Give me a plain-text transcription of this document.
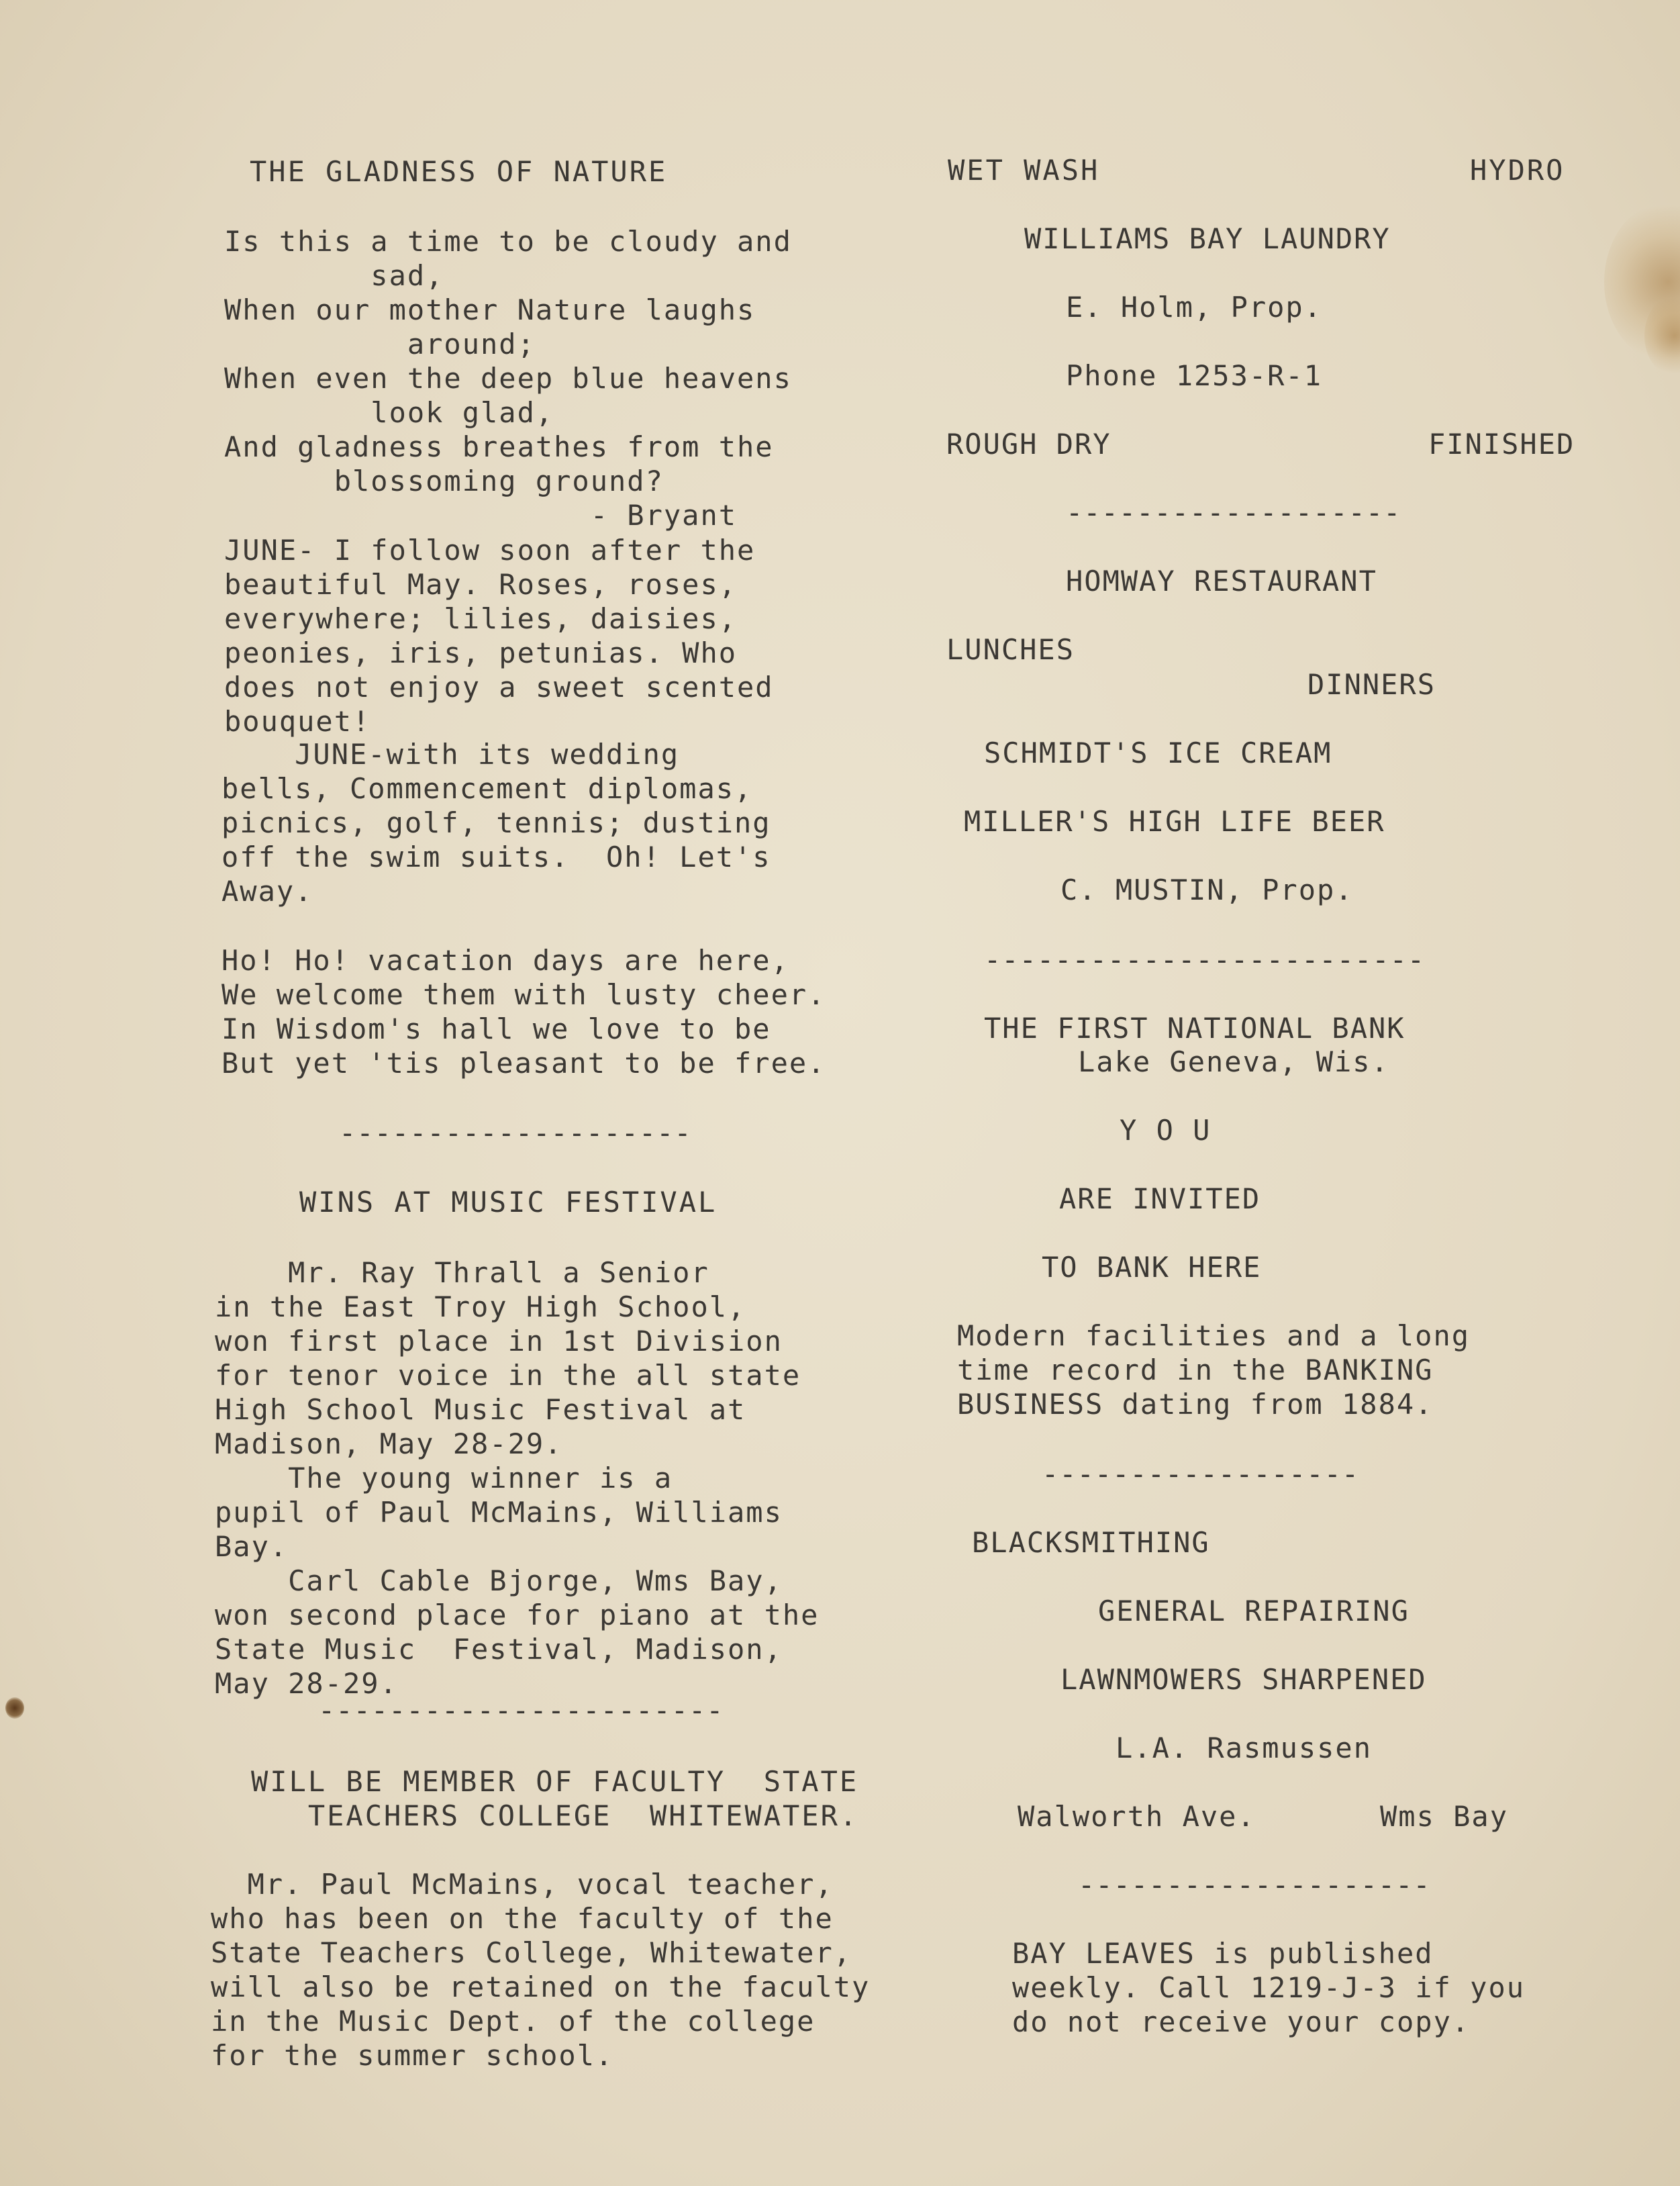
THE GLADNESS OF NATURE
Is this a time to be cloudy and
sad,
When our mother Nature laughs
around;
When even the deep blue heavens
look glad,
And gladness breathes from the
blossoming ground?
- Bryant
JUNE- I follow soon after the
beautiful May. Roses, roses,
everywhere; lilies, daisies,
peonies, iris, petunias. Who
does not enjoy a sweet scented
bouquet!
JUNE-with its wedding
bells, Commencement diplomas,
picnics, golf, tennis; dusting
off the swim suits.  Oh! Let's
Away.
Ho! Ho! vacation days are here,
We welcome them with lusty cheer.
In Wisdom's hall we love to be
But yet 'tis pleasant to be free.
--------------------
WINS AT MUSIC FESTIVAL
Mr. Ray Thrall a Senior
in the East Troy High School,
won first place in 1st Division
for tenor voice in the all state
High School Music Festival at
Madison, May 28-29.
The young winner is a
pupil of Paul McMains, Williams
Bay.
Carl Cable Bjorge, Wms Bay,
won second place for piano at the
State Music  Festival, Madison,
May 28-29.
-----------------------
WILL BE MEMBER OF FACULTY  STATE
TEACHERS COLLEGE  WHITEWATER.
Mr. Paul McMains, vocal teacher,
who has been on the faculty of the
State Teachers College, Whitewater,
will also be retained on the faculty
in the Music Dept. of the college
for the summer school.
WET WASH	HYDRO
WILLIAMS BAY LAUNDRY
E. Holm, Prop.
Phone 1253-R-1
ROUGH DRY	FINISHED
-------------------
HOMWAY RESTAURANT
LUNCHES
DINNERS
SCHMIDT'S ICE CREAM
MILLER'S HIGH LIFE BEER
C. MUSTIN, Prop.
-------------------------
THE FIRST NATIONAL BANK
Lake Geneva, Wis.
Y O U
ARE INVITED
TO BANK HERE
Modern facilities and a long
time record in the BANKING
BUSINESS dating from 1884.
------------------
BLACKSMITHING
GENERAL REPAIRING
LAWNMOWERS SHARPENED
L.A. Rasmussen
Walworth Ave.	Wms Bay
--------------------
BAY LEAVES is published
weekly. Call 1219-J-3 if you
do not receive your copy.
